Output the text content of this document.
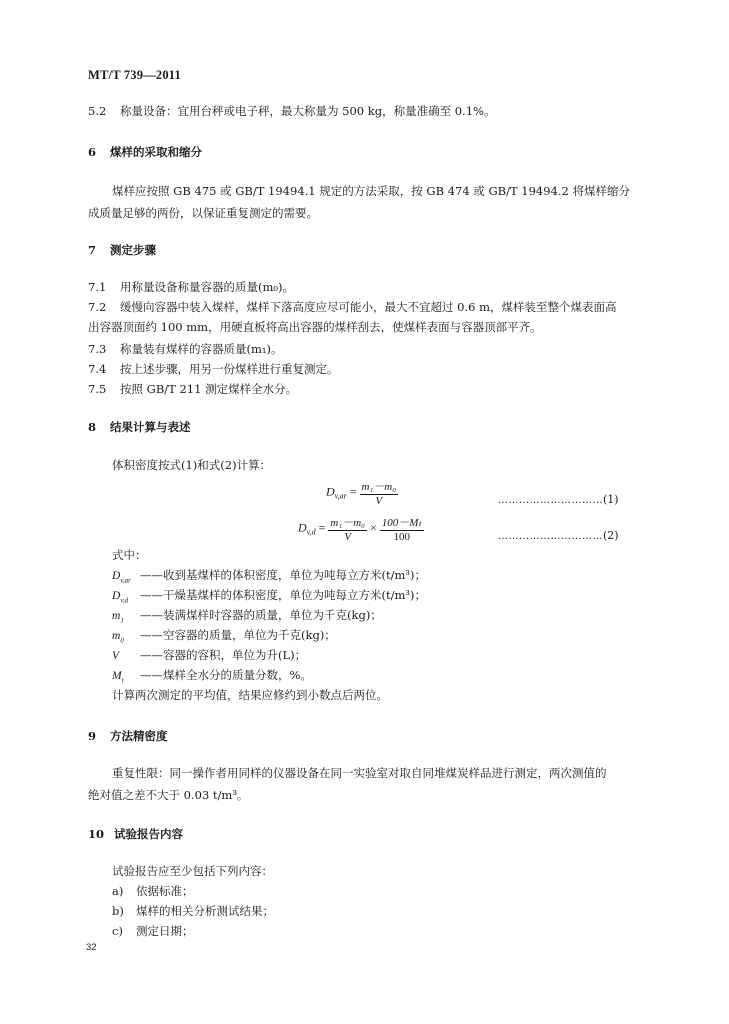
MT/T 739—2011
5.2 称量设备：宜用台秤或电子秤，最大称量为 500 kg，称量准确至 0.1%。
6 煤样的采取和缩分
煤样应按照 GB 475 或 GB/T 19494.1 规定的方法采取，按 GB 474 或 GB/T 19494.2 将煤样缩分
成质量足够的两份，以保证重复测定的需要。
7 测定步骤
7.1 用称量设备称量容器的质量(m₀)。
7.2 缓慢向容器中装入煤样，煤样下落高度应尽可能小，最大不宜超过 0.6 m，煤样装至整个煤表面高
出容器顶面约 100 mm，用硬直板将高出容器的煤样刮去，使煤样表面与容器顶部平齐。
7.3 称量装有煤样的容器质量(m₁)。
7.4 按上述步骤，用另一份煤样进行重复测定。
7.5 按照 GB/T 211 测定煤样全水分。
8 结果计算与表述
体积密度按式(1)和式(2)计算：
$D_{v,ar} = \frac{\text{m₁－m₀}}{V}$	…………………………(1)
$D_{v,d} = \frac{\text{m₁－m₀}}{V} \times \frac{\text{100－Mₜ}}{100}$	…………………………(2)
式中：
$D_{v,ar}$ ——收到基煤样的体积密度，单位为吨每立方米(t/m³)；
$D_{v,d}$ ——干燥基煤样的体积密度，单位为吨每立方米(t/m³)；
$m_1$ ——装满煤样时容器的质量，单位为千克(kg)；
$m_0$ ——空容器的质量，单位为千克(kg)；
V ——容器的容积，单位为升(L)；
$M_t$ ——煤样全水分的质量分数，%。
计算两次测定的平均值，结果应修约到小数点后两位。
9 方法精密度
重复性限：同一操作者用同样的仪器设备在同一实验室对取自同堆煤炭样品进行测定，两次测值的
绝对值之差不大于 0.03 t/m³。
10 试验报告内容
试验报告应至少包括下列内容：
a) 依据标准；
b) 煤样的相关分析测试结果；
c) 测定日期；
32
